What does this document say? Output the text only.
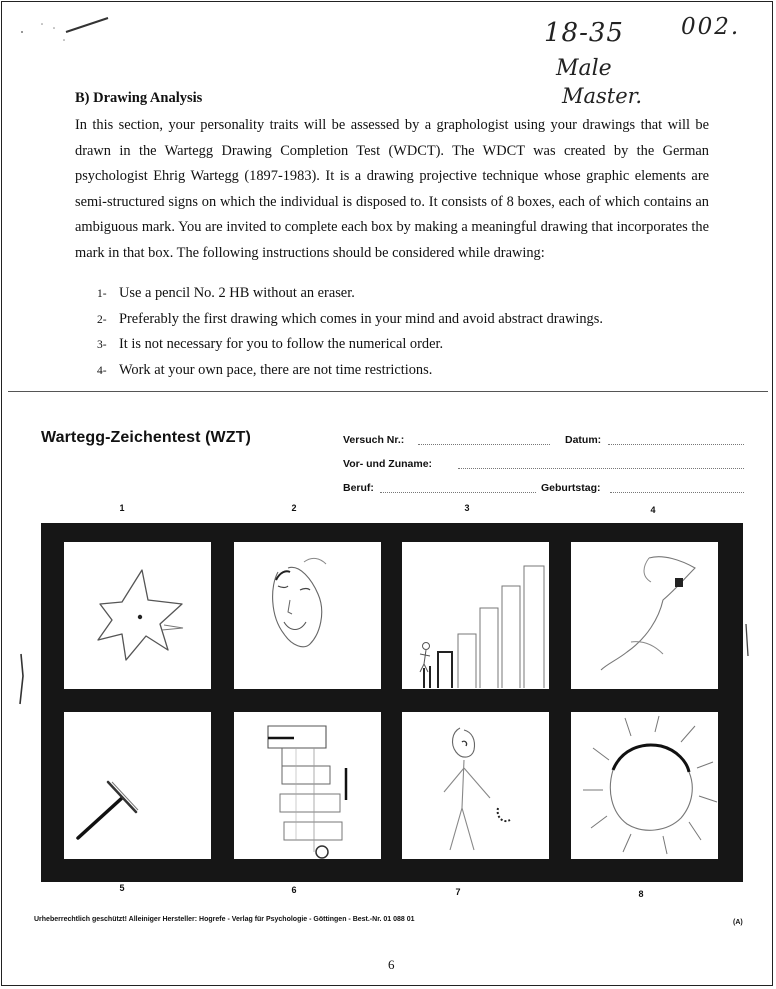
18-35 002.
Male
Master.
B) Drawing Analysis
In this section, your personality traits will be assessed by a graphologist using your drawings that will be drawn in the Wartegg Drawing Completion Test (WDCT). The WDCT was created by the German psychologist Ehrig Wartegg (1897-1983). It is a drawing projective technique whose graphic elements are semi-structured signs on which the individual is disposed to. It consists of 8 boxes, each of which contains an ambiguous mark. You are invited to complete each box by making a meaningful drawing that incorporates the mark in that box. The following instructions should be considered while drawing:
1- Use a pencil No. 2 HB without an eraser.
2- Preferably the first drawing which comes in your mind and avoid abstract drawings.
3- It is not necessary for you to follow the numerical order.
4- Work at your own pace, there are not time restrictions.
Wartegg-Zeichentest (WZT)	Versuch Nr.:	Datum:
Vor- und Zuname:
Beruf:	Geburtstag:
1	2	3	4
5	6	7	8
Urheberrechtlich geschützt! Alleiniger Hersteller: Hogrefe - Verlag für Psychologie - Göttingen - Best.-Nr. 01 088 01	(A)
6
